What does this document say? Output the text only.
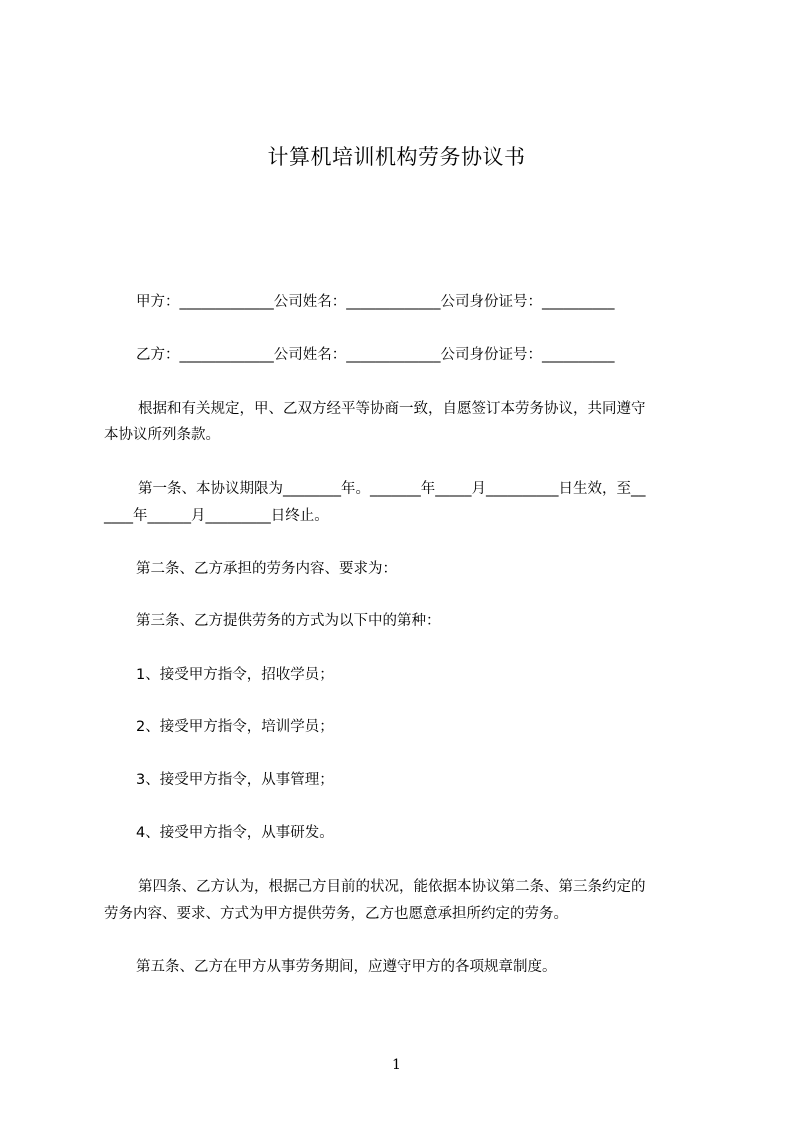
计算机培训机构劳务协议书

甲方：_____________公司姓名：_____________公司身份证号：__________

乙方：_____________公司姓名：_____________公司身份证号：__________

根据和有关规定，甲、乙双方经平等协商一致，自愿签订本劳务协议，共同遵守

本协议所列条款。

第一条、本协议期限为________年。_______年_____月__________日生效，至__

____年______月_________日终止。

第二条、乙方承担的劳务内容、要求为：

第三条、乙方提供劳务的方式为以下中的第种：

1、接受甲方指令，招收学员；

2、接受甲方指令，培训学员；

3、接受甲方指令，从事管理；

4、接受甲方指令，从事研发。

第四条、乙方认为，根据己方目前的状况，能依据本协议第二条、第三条约定的

劳务内容、要求、方式为甲方提供劳务，乙方也愿意承担所约定的劳务。

第五条、乙方在甲方从事劳务期间，应遵守甲方的各项规章制度。

1
